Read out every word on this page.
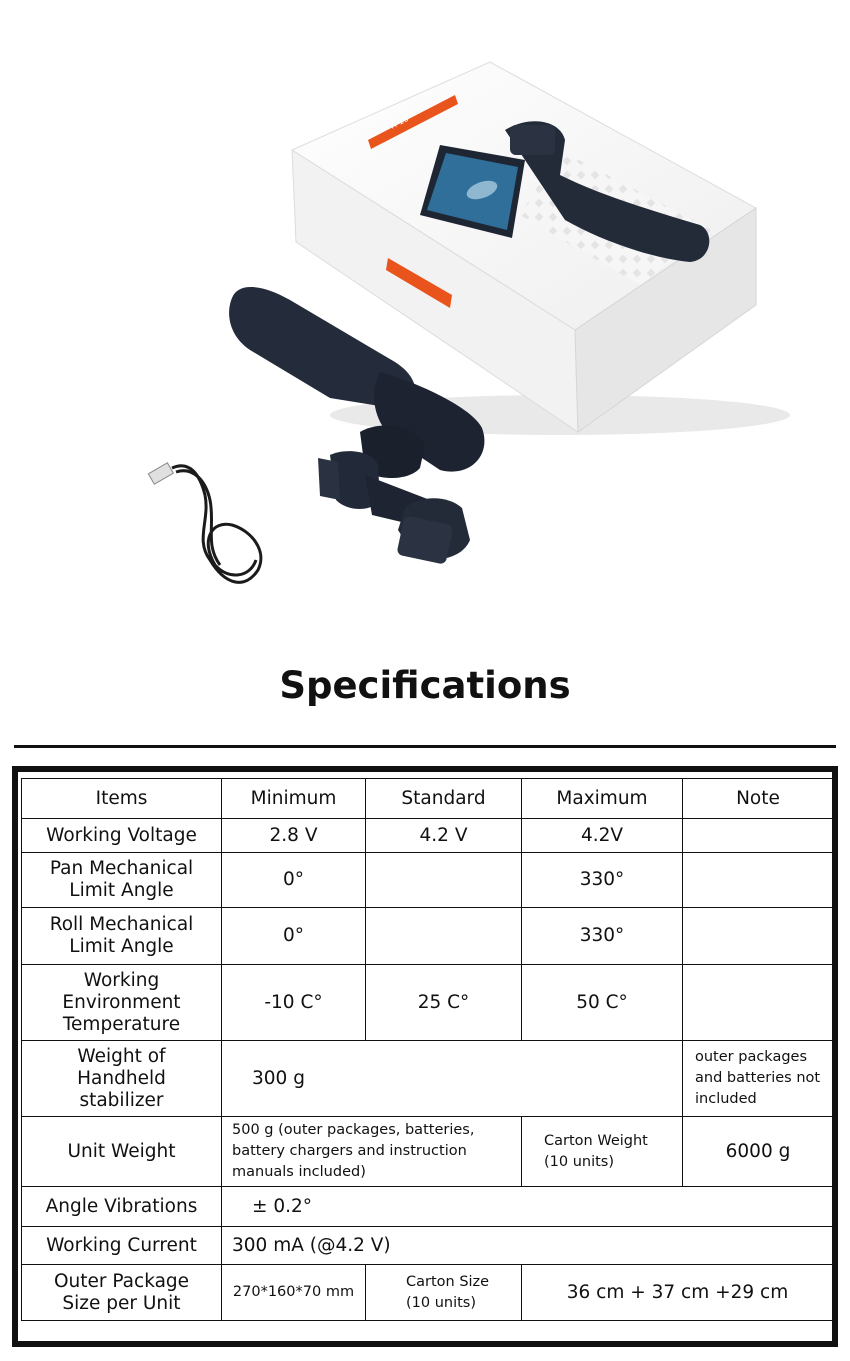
H-16
Specifications
Items	Minimum	Standard	Maximum	Note
Working Voltage	2.8 V	4.2 V	4.2V	
Pan Mechanical
Limit Angle	0°		330°	
Roll Mechanical
Limit Angle	0°		330°	
Working
Environment
Temperature	-10 C°	25 C°	50 C°	
Weight of
Handheld
stabilizer	300 g			outer packages
and batteries not
included
Unit Weight	500 g (outer packages, batteries,
battery chargers and instruction
manuals included)		Carton Weight
(10 units)	6000 g
Angle Vibrations	± 0.2°			
Working Current	300 mA (@4.2 V)			
Outer Package
Size per Unit	270*160*70 mm	Carton Size
(10 units)	36 cm + 37 cm +29 cm	
